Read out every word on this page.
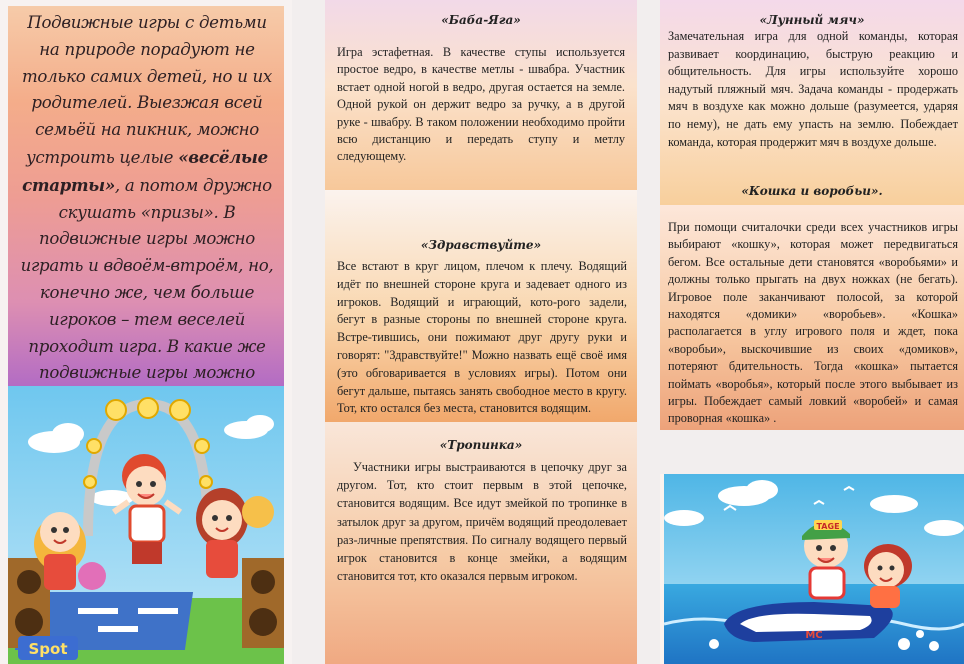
Подвижные игры с детьми на природе порадуют не только самих детей, но и их родителей. Выезжая всей семьёй на пикник, можно устроить целые «весёлые старты», а потом дружно скушать «призы». В подвижные игры можно играть и вдвоём-втроём, но, конечно же, чем больше игроков – тем веселей проходит игра. В какие же подвижные игры можно

Spot
«Баба-Яга»
Игра эстафетная. В качестве ступы используется простое ведро, в качестве метлы - швабра. Участник встает одной ногой в ведро, другая остается на земле. Одной рукой он держит ведро за ручку, а в другой руке - швабру. В таком положении необходимо пройти всю дистанцию и передать ступу и метлу следующему.
«Здравствуйте»
Все встают в круг лицом, плечом к плечу. Водящий идёт по внешней стороне круга и задевает одного из игроков. Водящий и играющий, кото-рого задели, бегут в разные стороны по внешней стороне круга. Встре-тившись, они пожимают друг другу руки и говорят: "Здравствуйте!" Можно назвать ещё своё имя (это обговаривается в условиях игры). Потом они бегут дальше, пытаясь занять свободное место в кругу. Тот, кто остался без места, становится водящим.
«Тропинка»
Участники игры выстраиваются в цепочку друг за другом. Тот, кто стоит первым в этой цепочке, становится водящим. Все идут змейкой по тропинке в затылок друг за другом, причём водящий преодолевает раз-личные препятствия. По сигналу водящего первый игрок становится в конце змейки, а водящим становится тот, кто оказался первым игроком.
«Лунный мяч»
Замечательная игра для одной команды, которая развивает координацию, быструю реакцию и общительность. Для игры используйте хорошо надутый пляжный мяч. Задача команды - продержать мяч в воздухе как можно дольше (разумеется, ударяя по нему), не дать ему упасть на землю. Побеждает команда, которая продержит мяч в воздухе дольше.
«Кошка и воробьи».
При помощи считалочки среди всех участников игры выбирают «кошку», которая может передвигаться бегом. Все остальные дети становятся «воробьями» и должны только прыгать на двух ножках (не бегать). Игровое поле заканчивают полосой, за которой находятся «домики» «воробьев». «Кошка» располагается в углу игрового поля и ждет, пока «воробьи», выскочившие из своих «домиков», потеряют бдительность. Тогда «кошка» пытается поймать «воробья», который после этого выбывает из игры. Побеждает самый ловкий «воробей» и самая проворная «кошка» .
MC
TAGE
